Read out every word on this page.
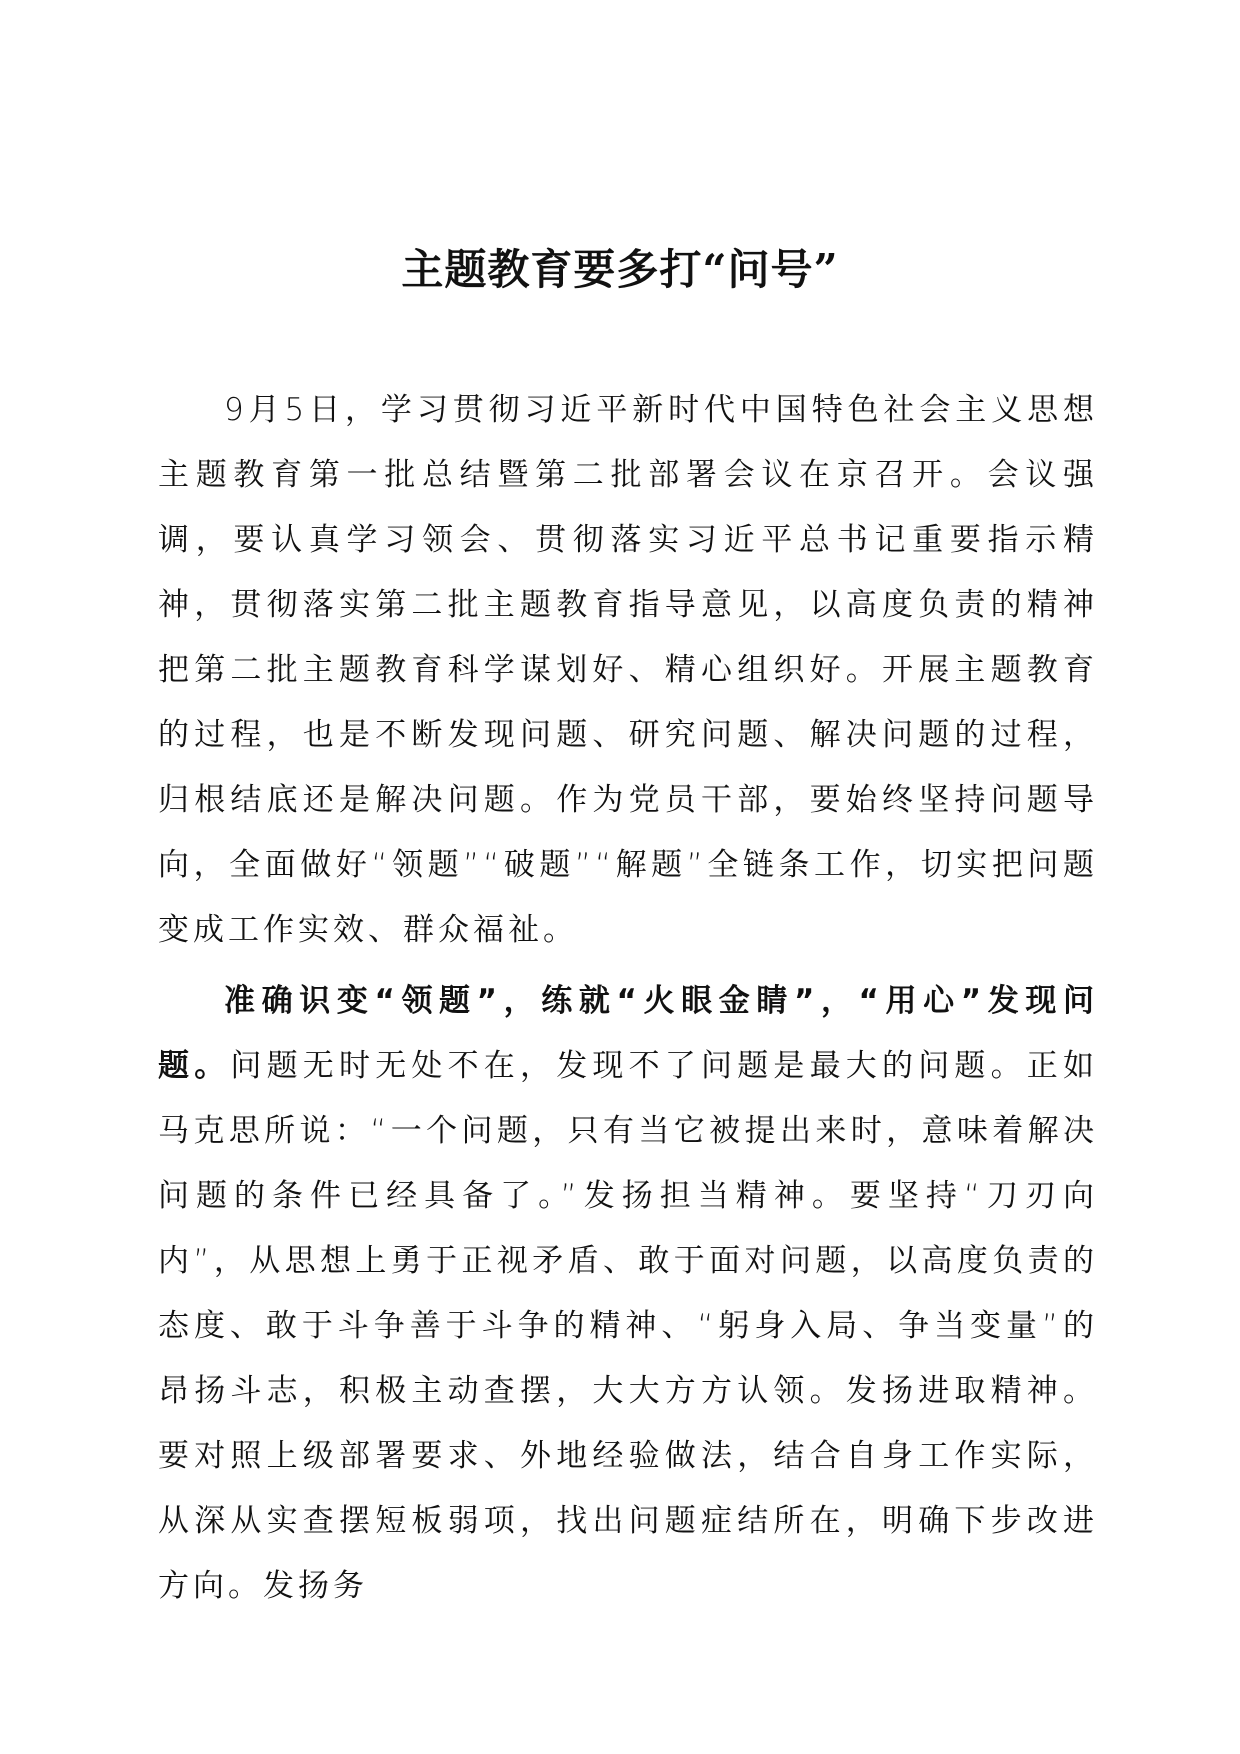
主题教育要多打“问号”

9月5日，学习贯彻习近平新时代中国特色社会主义思想主题教育第一批总结暨第二批部署会议在京召开。会议强调，要认真学习领会、贯彻落实习近平总书记重要指示精神，贯彻落实第二批主题教育指导意见，以高度负责的精神把第二批主题教育科学谋划好、精心组织好。开展主题教育的过程，也是不断发现问题、研究问题、解决问题的过程，归根结底还是解决问题。作为党员干部，要始终坚持问题导向，全面做好“领题”“破题”“解题”全链条工作，切实把问题变成工作实效、群众福祉。

准确识变“领题”，练就“火眼金睛”，“用心”发现问题。问题无时无处不在，发现不了问题是最大的问题。正如马克思所说：“一个问题，只有当它被提出来时，意味着解决问题的条件已经具备了。”发扬担当精神。要坚持“刀刃向内”，从思想上勇于正视矛盾、敢于面对问题，以高度负责的态度、敢于斗争善于斗争的精神、“躬身入局、争当变量”的昂扬斗志，积极主动查摆，大大方方认领。发扬进取精神。要对照上级部署要求、外地经验做法，结合自身工作实际，从深从实查摆短板弱项，找出问题症结所在，明确下步改进方向。发扬务
